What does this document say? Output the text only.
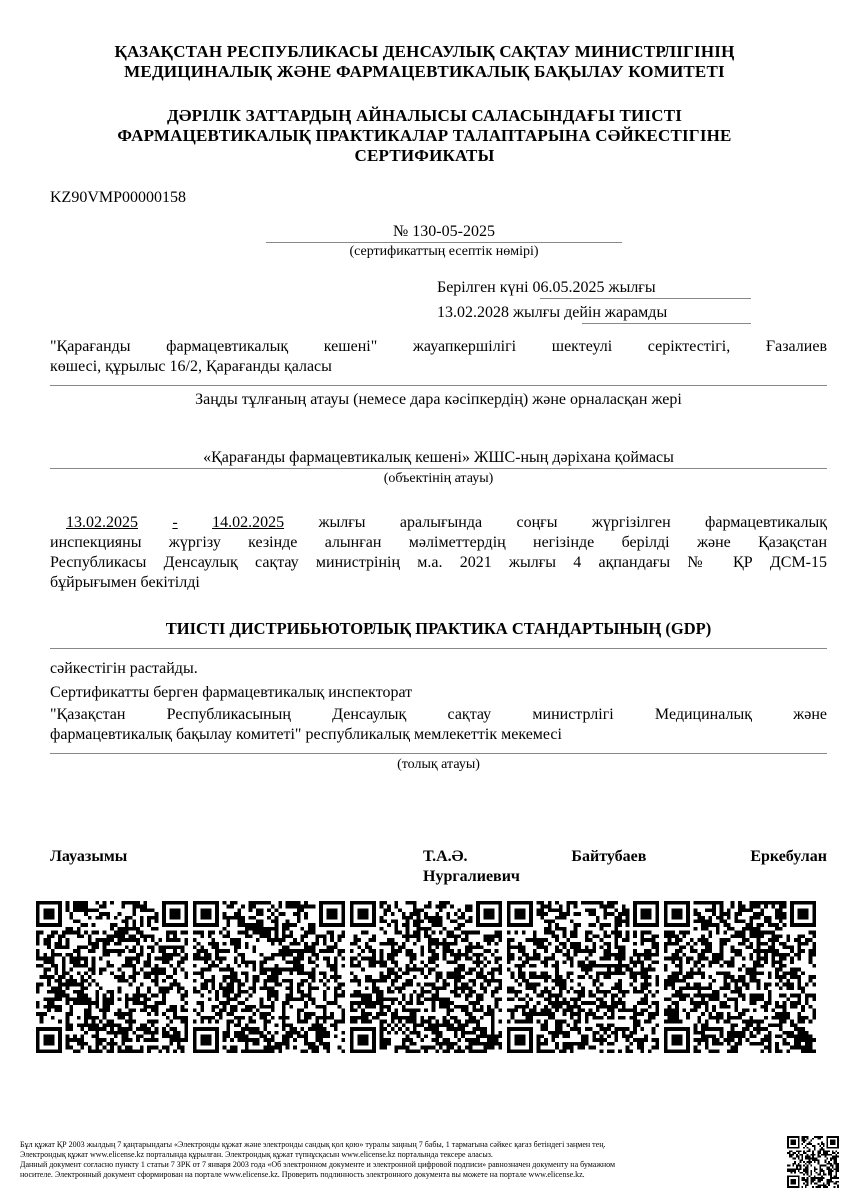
ҚАЗАҚСТАН РЕСПУБЛИКАСЫ ДЕНСАУЛЫҚ САҚТАУ МИНИСТРЛІГІНІҢ
МЕДИЦИНАЛЫҚ ЖӘНЕ ФАРМАЦЕВТИКАЛЫҚ БАҚЫЛАУ КОМИТЕТІ
ДӘРІЛІК ЗАТТАРДЫҢ АЙНАЛЫСЫ САЛАСЫНДАҒЫ ТИІСТІ
ФАРМАЦЕВТИКАЛЫҚ ПРАКТИКАЛАР ТАЛАПТАРЫНА СӘЙКЕСТІГІНЕ
СЕРТИФИКАТЫ
KZ90VMP00000158
№ 130-05-2025
(сертификаттың есептік нөмірі)
Берілген күні 06.05.2025 жылғы
13.02.2028 жылғы дейін жарамды
"Қарағанды фармацевтикалық кешені" жауапкершілігі шектеулі серіктестігі, Ғазалиев
көшесі, құрылыс 16/2, Қарағанды қаласы
Заңды тұлғаның атауы (немесе дара кәсіпкердің) және орналасқан жері
«Қарағанды фармацевтикалық кешені» ЖШС-ның дәріхана қоймасы
(объектінің атауы)
13.02.2025 - 14.02.2025 жылғы аралығында соңғы жүргізілген фармацевтикалық
инспекцияны жүргізу кезінде алынған мәліметтердің негізінде берілді және Қазақстан
Республикасы Денсаулық сақтау министрінің м.а. 2021 жылғы 4 ақпандағы № ҚР ДСМ-15
бұйрығымен бекітілді
ТИІСТІ ДИСТРИБЬЮТОРЛЫҚ ПРАКТИКА СТАНДАРТЫНЫҢ (GDP)
сәйкестігін растайды.
Сертификатты берген фармацевтикалық инспекторат
"Қазақстан Республикасының Денсаулық сақтау министрлігі Медициналық және
фармацевтикалық бақылау комитеті" республикалық мемлекеттік мекемесі
(толық атауы)
Лауазымы	Т.А.Ә.	Байтубаев	Еркебулан
Нургалиевич
Бұл құжат ҚР 2003 жылдың 7 қаңтарындағы «Электронды құжат және электронды сандық қол қою» туралы заңның 7 бабы, 1 тармағына сәйкес қағаз бетіндегі заңмен тең.
Электрондық құжат www.elicense.kz порталында құрылған. Электрондық құжат түпнұсқасын www.elicense.kz порталында тексере аласыз.
Данный документ согласно пункту 1 статьи 7 ЗРК от 7 января 2003 года «Об электронном документе и электронной цифровой подписи» равнозначен документу на бумажном
носителе. Электронный документ сформирован на портале www.elicense.kz. Проверить подлинность электронного документа вы можете на портале www.elicense.kz.
